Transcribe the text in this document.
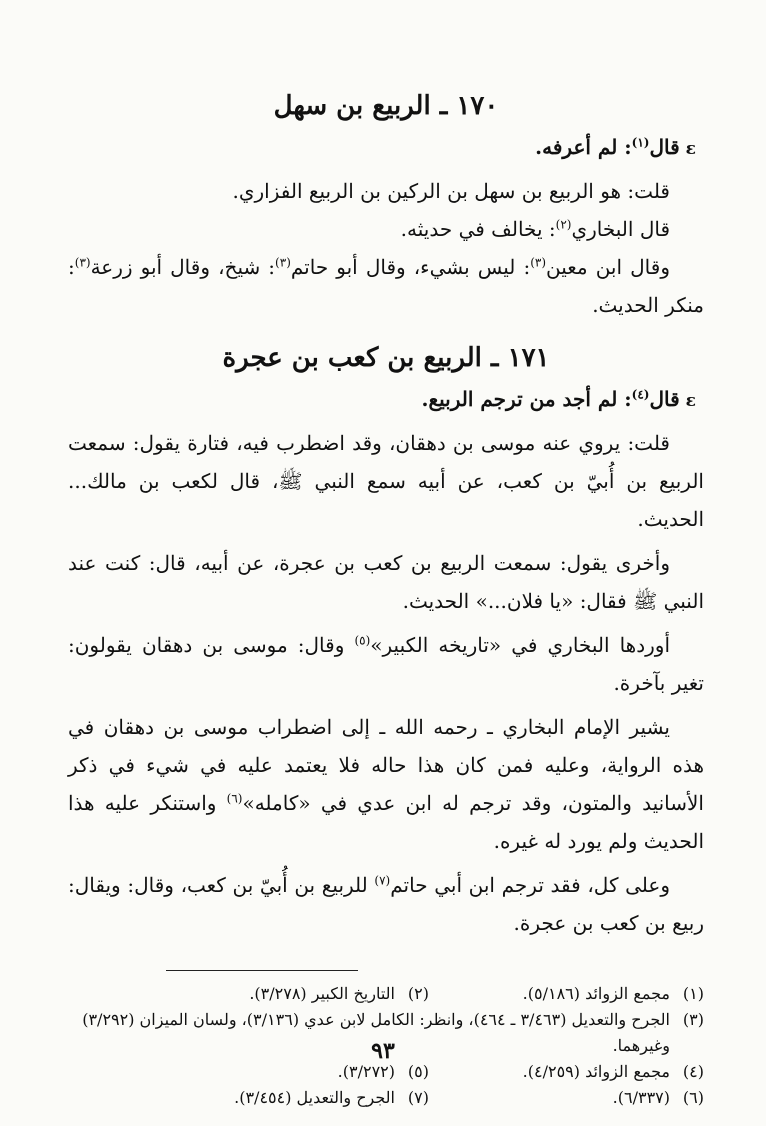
١٧٠ ـ الربيع بن سهل
ɛقال$^{(١)}$: لم أعرفه.

قلت: هو الربيع بن سهل بن الركين بن الربيع الفزاري.

قال البخاري$^{(٢)}$: يخالف في حديثه.

وقال ابن معين$^{(٣)}$: ليس بشيء، وقال أبو حاتم$^{(٣)}$: شيخ، وقال أبو زرعة$^{(٣)}$: منكر الحديث.

١٧١ ـ الربيع بن كعب بن عجرة
ɛقال$^{(٤)}$: لم أجد من ترجم الربيع.

قلت: يروي عنه موسى بن دهقان، وقد اضطرب فيه، فتارة يقول: سمعت الربيع بن أُبيّ بن كعب، عن أبيه سمع النبي ﷺ، قال لكعب بن مالك... الحديث.

وأخرى يقول: سمعت الربيع بن كعب بن عجرة، عن أبيه، قال: كنت عند النبي ﷺ فقال: «يا فلان...» الحديث.

أوردها البخاري في «تاريخه الكبير»$^{(٥)}$ وقال: موسى بن دهقان يقولون: تغير بآخرة.

يشير الإمام البخاري ـ رحمه الله ـ إلى اضطراب موسى بن دهقان في هذه الرواية، وعليه فمن كان هذا حاله فلا يعتمد عليه في شيء في ذكر الأسانيد والمتون، وقد ترجم له ابن عدي في «كامله»$^{(٦)}$ واستنكر عليه هذا الحديث ولم يورد له غيره.

وعلى كل، فقد ترجم ابن أبي حاتم$^{(٧)}$ للربيع بن أُبيّ بن كعب، وقال: ويقال: ربيع بن كعب بن عجرة.

(١)
مجمع الزوائد (٥/١٨٦).
(٢)
التاريخ الكبير (٣/٢٧٨).
(٣)
الجرح والتعديل (٣/٤٦٣ ـ ٤٦٤)، وانظر: الكامل لابن عدي (٣/١٣٦)، ولسان الميزان (٣/٢٩٢) وغيرهما.
(٤)
مجمع الزوائد (٤/٢٥٩).
(٥)
(٣/٢٧٢).
(٦)
(٦/٣٣٧).
(٧)
الجرح والتعديل (٣/٤٥٤).
٩٣
